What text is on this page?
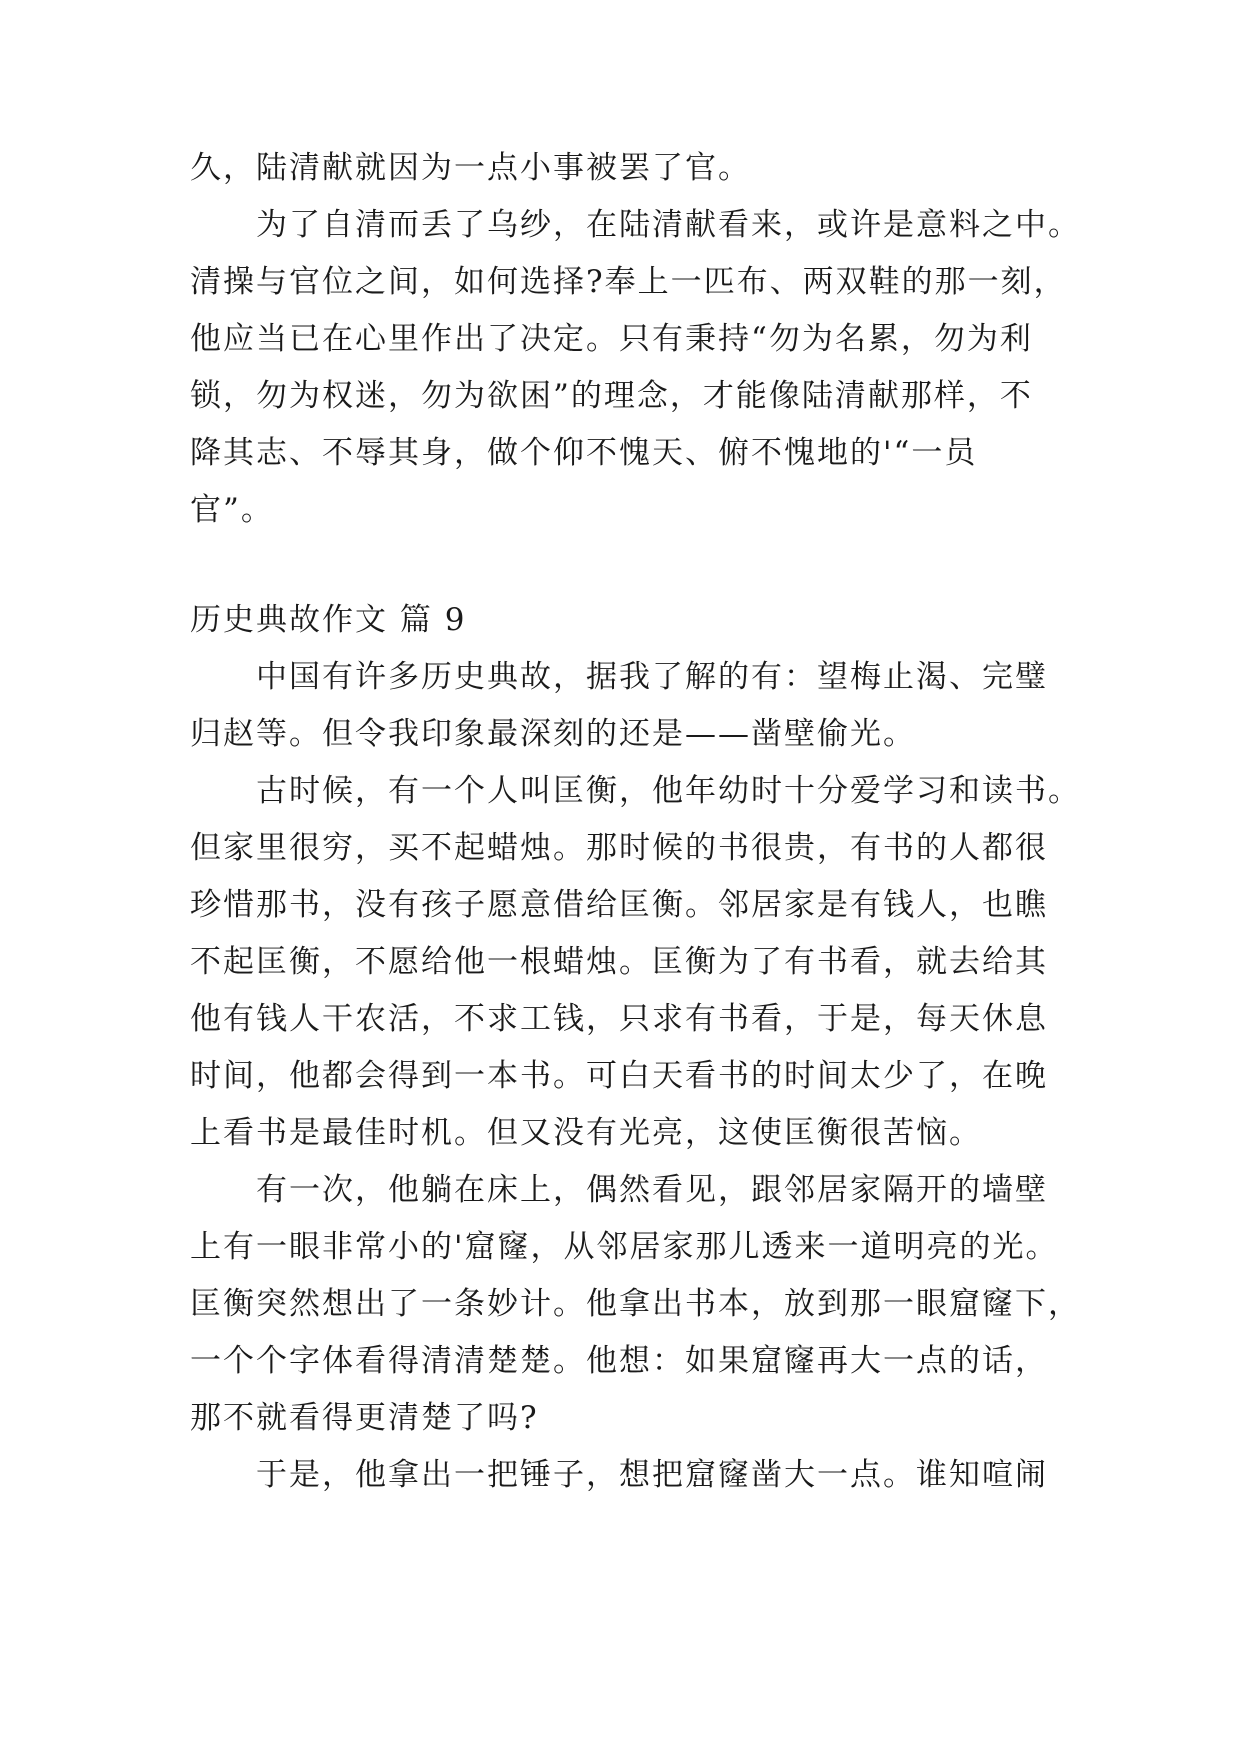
久，陆清献就因为一点小事被罢了官。
为了自清而丢了乌纱，在陆清献看来，或许是意料之中。
清操与官位之间，如何选择?奉上一匹布、两双鞋的那一刻，
他应当已在心里作出了决定。只有秉持“勿为名累，勿为利
锁，勿为权迷，勿为欲困”的理念，才能像陆清献那样，不
降其志、不辱其身，做个仰不愧天、俯不愧地的'“一员
官”。
历史典故作文 篇 9
中国有许多历史典故，据我了解的有：望梅止渴、完璧
归赵等。但令我印象最深刻的还是——凿壁偷光。
古时候，有一个人叫匡衡，他年幼时十分爱学习和读书。
但家里很穷，买不起蜡烛。那时候的书很贵，有书的人都很
珍惜那书，没有孩子愿意借给匡衡。邻居家是有钱人，也瞧
不起匡衡，不愿给他一根蜡烛。匡衡为了有书看，就去给其
他有钱人干农活，不求工钱，只求有书看，于是，每天休息
时间，他都会得到一本书。可白天看书的时间太少了，在晚
上看书是最佳时机。但又没有光亮，这使匡衡很苦恼。
有一次，他躺在床上，偶然看见，跟邻居家隔开的墙壁
上有一眼非常小的'窟窿，从邻居家那儿透来一道明亮的光。
匡衡突然想出了一条妙计。他拿出书本，放到那一眼窟窿下，
一个个字体看得清清楚楚。他想：如果窟窿再大一点的话，
那不就看得更清楚了吗?
于是，他拿出一把锤子，想把窟窿凿大一点。谁知喧闹
